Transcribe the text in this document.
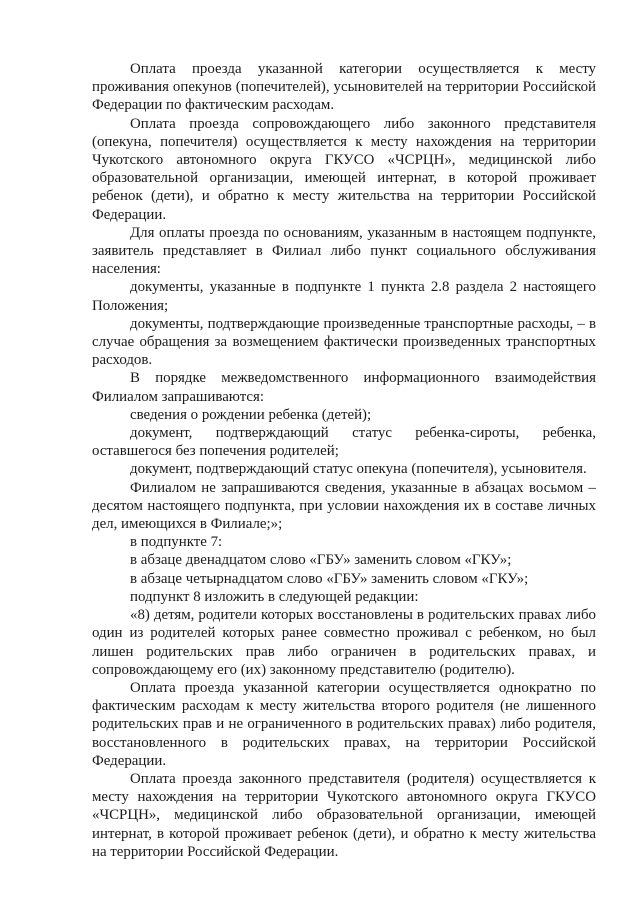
Оплата проезда указанной категории осуществляется к месту проживания опекунов (попечителей), усыновителей на территории Российской Федерации по фактическим расходам.

Оплата проезда сопровождающего либо законного представителя (опекуна, попечителя) осуществляется к месту нахождения на территории Чукотского автономного округа ГКУСО «ЧСРЦН», медицинской либо образовательной организации, имеющей интернат, в которой проживает ребенок (дети), и обратно к месту жительства на территории Российской Федерации.

Для оплаты проезда по основаниям, указанным в настоящем подпункте, заявитель представляет в Филиал либо пункт социального обслуживания населения:

документы, указанные в подпункте 1 пункта 2.8 раздела 2 настоящего Положения;

документы, подтверждающие произведенные транспортные расходы, – в случае обращения за возмещением фактически произведенных транспортных расходов.

В порядке межведомственного информационного взаимодействия Филиалом запрашиваются:

сведения о рождении ребенка (детей);

документ, подтверждающий статус ребенка-сироты, ребенка, оставшегося без попечения родителей;

документ, подтверждающий статус опекуна (попечителя), усыновителя.

Филиалом не запрашиваются сведения, указанные в абзацах восьмом – десятом настоящего подпункта, при условии нахождения их в составе личных дел, имеющихся в Филиале;»;

в подпункте 7:

в абзаце двенадцатом слово «ГБУ» заменить словом «ГКУ»;

в абзаце четырнадцатом слово «ГБУ» заменить словом «ГКУ»;

подпункт 8 изложить в следующей редакции:

«8) детям, родители которых восстановлены в родительских правах либо один из родителей которых ранее совместно проживал с ребенком, но был лишен родительских прав либо ограничен в родительских правах, и сопровождающему его (их) законному представителю (родителю).

Оплата проезда указанной категории осуществляется однократно по фактическим расходам к месту жительства второго родителя (не лишенного родительских прав и не ограниченного в родительских правах) либо родителя, восстановленного в родительских правах, на территории Российской Федерации.

Оплата проезда законного представителя (родителя) осуществляется к месту нахождения на территории Чукотского автономного округа ГКУСО «ЧСРЦН», медицинской либо образовательной организации, имеющей интернат, в которой проживает ребенок (дети), и обратно к месту жительства на территории Российской Федерации.
